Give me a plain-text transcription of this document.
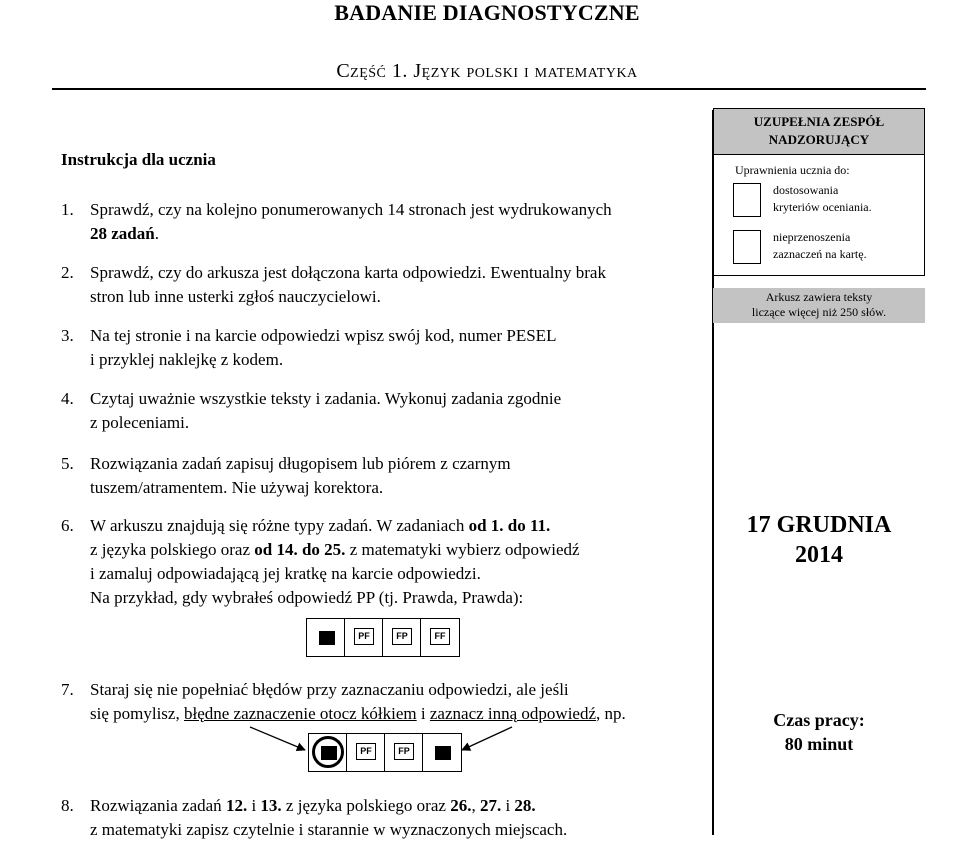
BADANIE DIAGNOSTYCZNE
Część 1. Język polski i matematyka
Instrukcja dla ucznia
1. Sprawdź, czy na kolejno ponumerowanych 14 stronach jest wydrukowanych
28 zadań.
2. Sprawdź, czy do arkusza jest dołączona karta odpowiedzi. Ewentualny brak
stron lub inne usterki zgłoś nauczycielowi.
3. Na tej stronie i na karcie odpowiedzi wpisz swój kod, numer PESEL
i przyklej naklejkę z kodem.
4. Czytaj uważnie wszystkie teksty i zadania. Wykonuj zadania zgodnie
z poleceniami.
5. Rozwiązania zadań zapisuj długopisem lub piórem z czarnym
tuszem/atramentem. Nie używaj korektora.
6. W arkuszu znajdują się różne typy zadań. W zadaniach od 1. do 11.
z języka polskiego oraz od 14. do 25. z matematyki wybierz odpowiedź
i zamaluj odpowiadającą jej kratkę na karcie odpowiedzi.
Na przykład, gdy wybrałeś odpowiedź PP (tj. Prawda, Prawda):
PF	FP	FF
7. Staraj się nie popełniać błędów przy zaznaczaniu odpowiedzi, ale jeśli
się pomylisz, błędne zaznaczenie otocz kółkiem i zaznacz inną odpowiedź, np.
PF	FP
8. Rozwiązania zadań 12. i 13. z języka polskiego oraz 26., 27. i 28.
z matematyki zapisz czytelnie i starannie w wyznaczonych miejscach.
UZUPEŁNIA ZESPÓŁ NADZORUJĄCY
Uprawnienia ucznia do:
dostosowania
kryteriów oceniania.
nieprzenoszenia
zaznaczeń na kartę.
Arkusz zawiera teksty
liczące więcej niż 250 słów.
17 GRUDNIA
2014
Czas pracy:
80 minut
